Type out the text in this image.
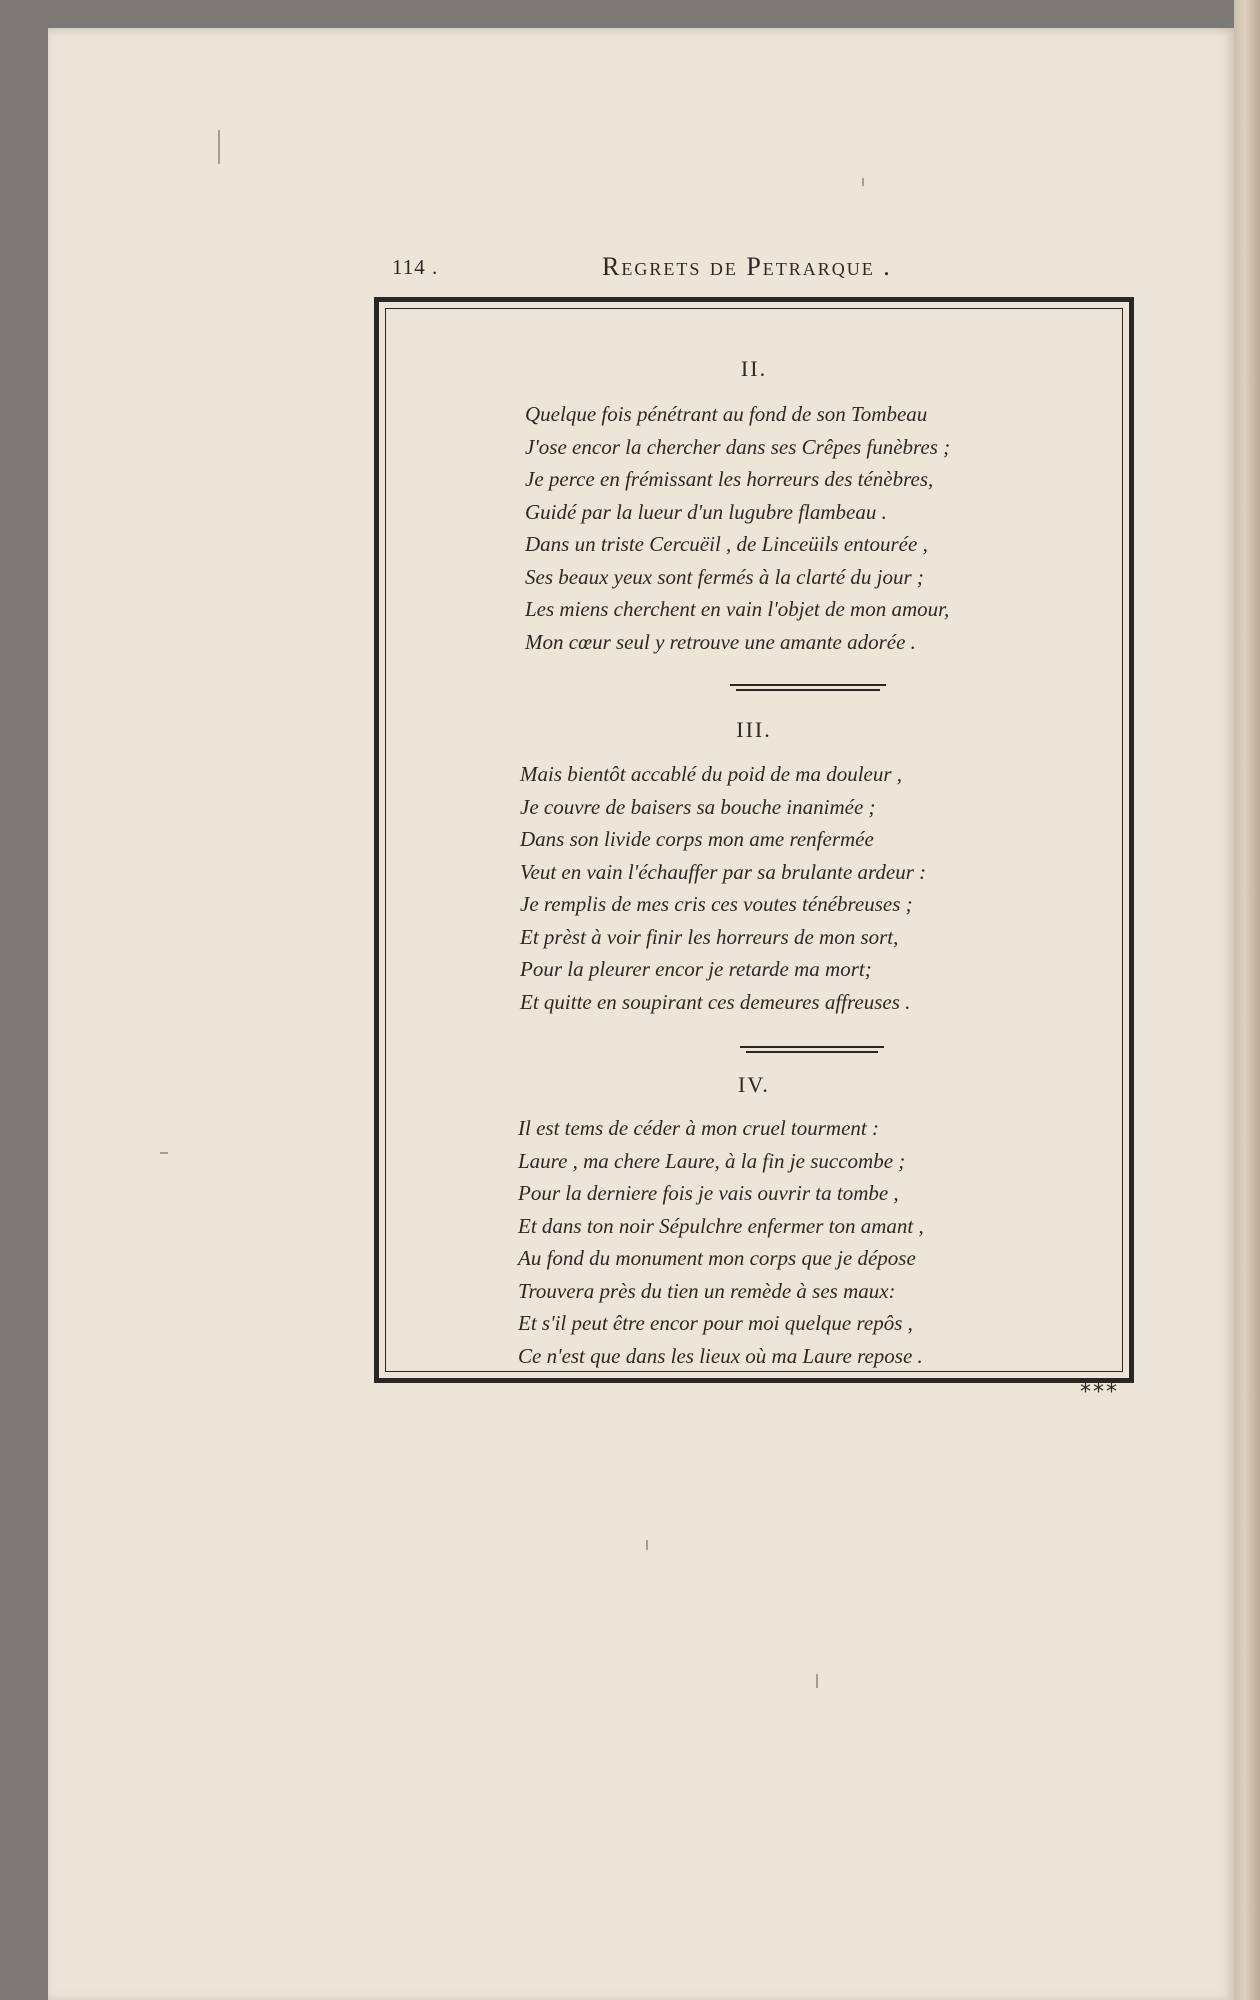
114 .	Regrets de Petrarque .
II.
Quelque fois pénétrant au fond de son Tombeau
J'ose encor la chercher dans ses Crêpes funèbres ;
Je perce en frémissant les horreurs des ténèbres,
Guidé par la lueur d'un lugubre flambeau .
Dans un triste Cercuëil , de Linceüils entourée ,
Ses beaux yeux sont fermés à la clarté du jour ;
Les miens cherchent en vain l'objet de mon amour,
Mon cœur seul y retrouve une amante adorée .
III.
Mais bientôt accablé du poid de ma douleur ,
Je couvre de baisers sa bouche inanimée ;
Dans son livide corps mon ame renfermée
Veut en vain l'échauffer par sa brulante ardeur :
Je remplis de mes cris ces voutes ténébreuses ;
Et prèst à voir finir les horreurs de mon sort,
Pour la pleurer encor je retarde ma mort;
Et quitte en soupirant ces demeures affreuses .
IV.
Il est tems de céder à mon cruel tourment :
Laure , ma chere Laure, à la fin je succombe ;
Pour la derniere fois je vais ouvrir ta tombe ,
Et dans ton noir Sépulchre enfermer ton amant ,
Au fond du monument mon corps que je dépose
Trouvera près du tien un remède à ses maux:
Et s'il peut être encor pour moi quelque repôs ,
Ce n'est que dans les lieux où ma Laure repose .
***
